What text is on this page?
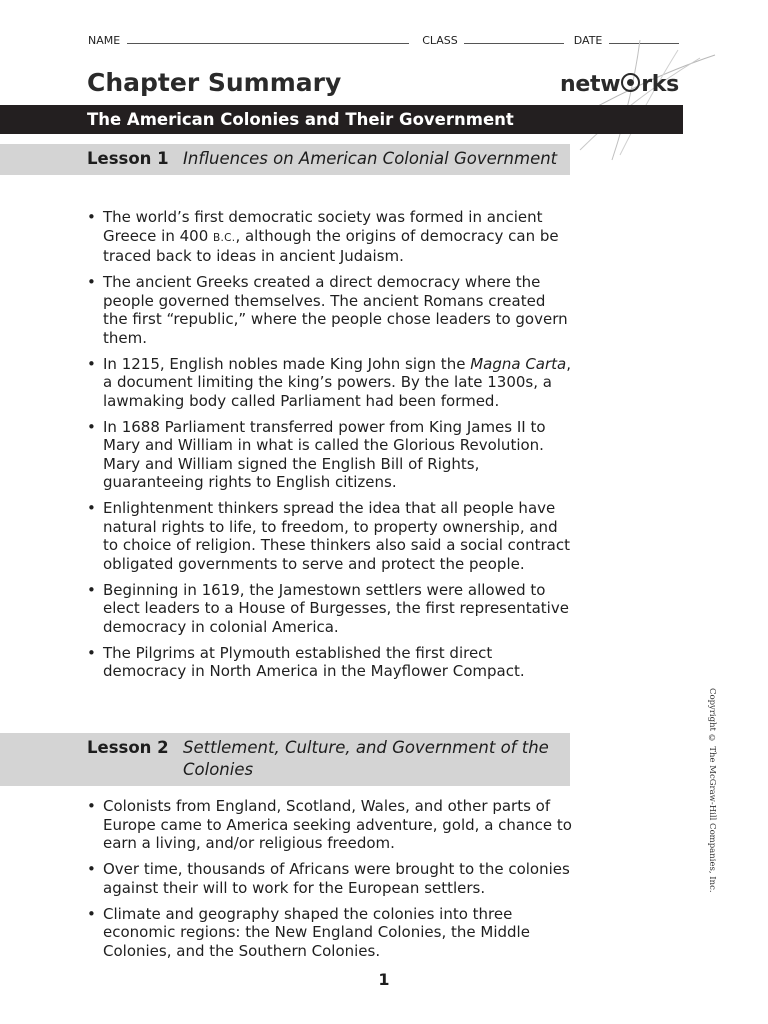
NAME	CLASS	DATE
Chapter Summary	netw rks
The American Colonies and Their Government
Lesson 1 Influences on American Colonial Government
• The world’s first democratic society was formed in ancient Greece in 400 B.C., although the origins of democracy can be traced back to ideas in ancient Judaism.
• The ancient Greeks created a direct democracy where the people governed themselves. The ancient Romans created the first “republic,” where the people chose leaders to govern them.
• In 1215, English nobles made King John sign the Magna Carta, a document limiting the king’s powers. By the late 1300s, a lawmaking body called Parliament had been formed.
• In 1688 Parliament transferred power from King James II to Mary and William in what is called the Glorious Revolution. Mary and William signed the English Bill of Rights, guaranteeing rights to English citizens.
• Enlightenment thinkers spread the idea that all people have natural rights to life, to freedom, to property ownership, and to choice of religion. These thinkers also said a social contract obligated governments to serve and protect the people.
• Beginning in 1619, the Jamestown settlers were allowed to elect leaders to a House of Burgesses, the first representative democracy in colonial America.
• The Pilgrims at Plymouth established the first direct democracy in North America in the Mayflower Compact.
Lesson 2 Settlement, Culture, and Government of the Colonies
• Colonists from England, Scotland, Wales, and other parts of Europe came to America seeking adventure, gold, a chance to earn a living, and/or religious freedom.
• Over time, thousands of Africans were brought to the colonies against their will to work for the European settlers.
• Climate and geography shaped the colonies into three economic regions: the New England Colonies, the Middle Colonies, and the Southern Colonies.
Copyright © The McGraw-Hill Companies, Inc.
1
